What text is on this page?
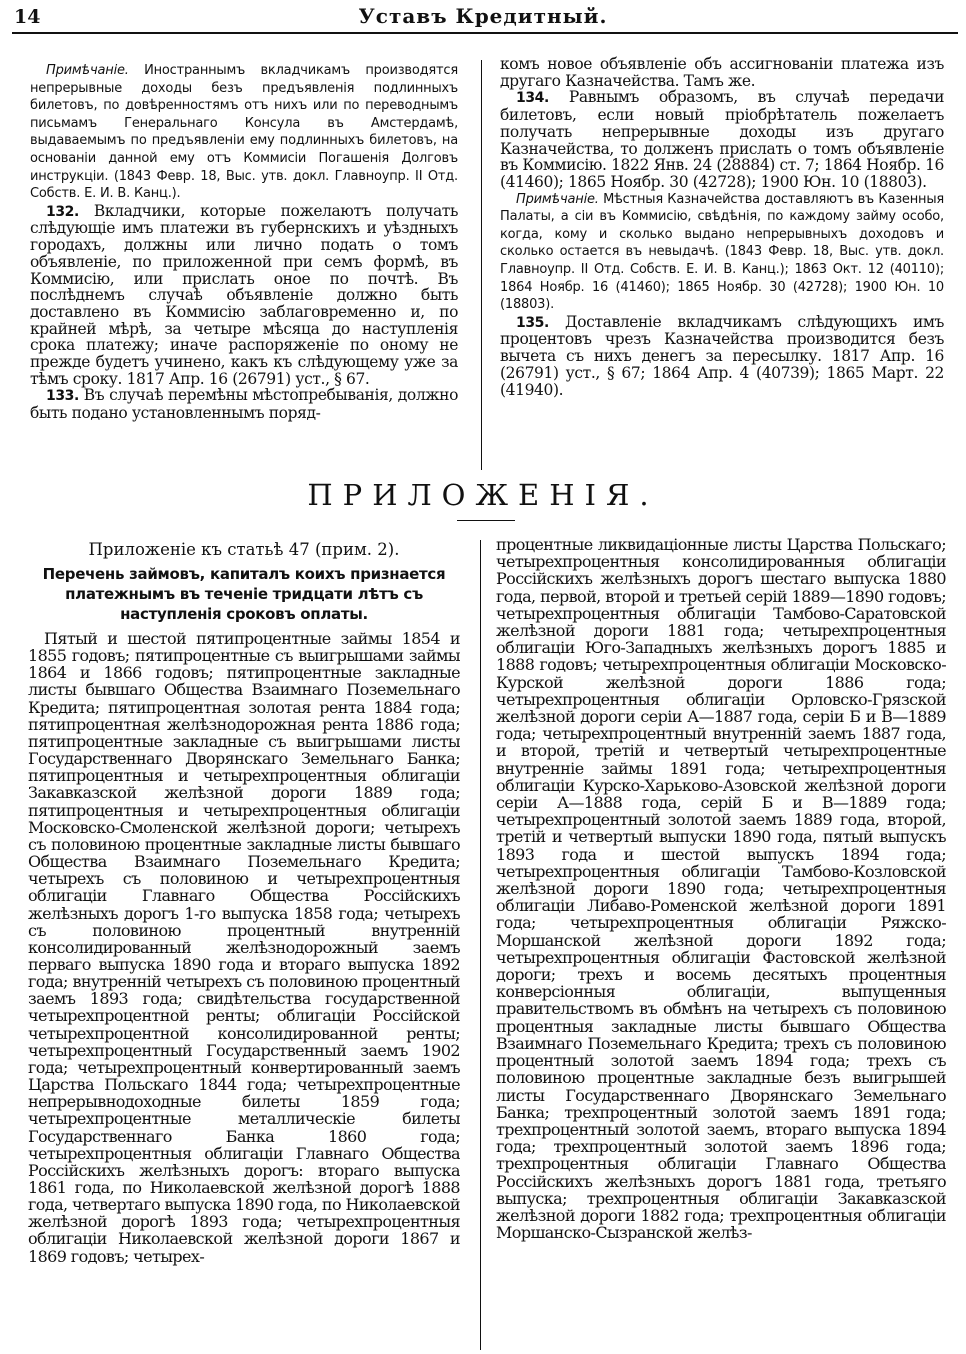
14	Уставъ Кредитный.

Примѣчаніе. Иностраннымъ вкладчикамъ производятся непрерывные доходы безъ предъявленія подлинныхъ билетовъ, по довѣренностямъ отъ нихъ или по переводнымъ письмамъ Генеральнаго Консула въ Амстердамѣ, выдаваемымъ по предъявленіи ему подлинныхъ билетовъ, на основаніи данной ему отъ Коммисіи Погашенія Долговъ инструкціи. (1843 Февр. 18, Выс. утв. докл. Главноупр. II Отд. Собств. Е. И. В. Канц.).

132. Вкладчики, которые пожелаютъ получать слѣдующіе имъ платежи въ губернскихъ и уѣздныхъ городахъ, должны или лично подать о томъ объявленіе, по приложенной при семъ формѣ, въ Коммисію, или прислать оное по почтѣ. Въ послѣднемъ случаѣ объявленіе должно быть доставлено въ Коммисію заблаговременно и, по крайней мѣрѣ, за четыре мѣсяца до наступленія срока платежу; иначе распоряженіе по оному не прежде будетъ учинено, какъ къ слѣдующему уже за тѣмъ сроку. 1817 Апр. 16 (26791) уст., § 67.

133. Въ случаѣ перемѣны мѣстопребыванія, должно быть подано установленнымъ поряд-

комъ новое объявленіе объ ассигнованіи платежа изъ другаго Казначейства. Тамъ же.

134. Равнымъ образомъ, въ случаѣ передачи билетовъ, если новый пріобрѣтатель пожелаетъ получать непрерывные доходы изъ другаго Казначейства, то долженъ прислать о томъ объявленіе въ Коммисію. 1822 Янв. 24 (28884) ст. 7; 1864 Ноябр. 16 (41460); 1865 Ноябр. 30 (42728); 1900 Юн. 10 (18803).

Примѣчаніе. Мѣстныя Казначейства доставляютъ въ Казенныя Палаты, а сіи въ Коммисію, свѣдѣнія, по каждому займу особо, когда, кому и сколько выдано непрерывныхъ доходовъ и сколько остается въ невыдачѣ. (1843 Февр. 18, Выс. утв. докл. Главноупр. II Отд. Собств. Е. И. В. Канц.); 1863 Окт. 12 (40110); 1864 Ноябр. 16 (41460); 1865 Ноябр. 30 (42728); 1900 Юн. 10 (18803).

135. Доставленіе вкладчикамъ слѣдующихъ имъ процентовъ чрезъ Казначейства производится безъ вычета съ нихъ денегъ за пересылку. 1817 Апр. 16 (26791) уст., § 67; 1864 Апр. 4 (40739); 1865 Март. 22 (41940).

ПРИЛОЖЕНІЯ.
Приложеніе къ статьѣ 47 (прим. 2).
Перечень займовъ, капиталъ коихъ признается платежнымъ въ теченіе тридцати лѣтъ съ наступленія сроковъ оплаты.

Пятый и шестой пятипроцентные займы 1854 и 1855 годовъ; пятипроцентные съ выигрышами займы 1864 и 1866 годовъ; пятипроцентные закладные листы бывшаго Общества Взаимнаго Поземельнаго Кредита; пятипроцентная золотая рента 1884 года; пятипроцентная желѣзнодорожная рента 1886 года; пятипроцентные закладные съ выигрышами листы Государственнаго Дворянскаго Земельнаго Банка; пятипроцентныя и четырехпроцентныя облигаціи Закавказской желѣзной дороги 1889 года; пятипроцентныя и четырехпроцентныя облигаціи Московско-Смоленской желѣзной дороги; четырехъ съ половиною процентные закладные листы бывшаго Общества Взаимнаго Поземельнаго Кредита; четырехъ съ половиною и четырехпроцентныя облигаціи Главнаго Общества Россійскихъ желѣзныхъ дорогъ 1-го выпуска 1858 года; четырехъ съ половиною процентный внутренній консолидированный желѣзнодорожный заемъ перваго выпуска 1890 года и втораго выпуска 1892 года; внутренній четырехъ съ половиною процентный заемъ 1893 года; свидѣтельства государственной четырехпроцентной ренты; облигаціи Россійской четырехпроцентной консолидированной ренты; четырехпроцентный Государственный заемъ 1902 года; четырехпроцентный конвертированный заемъ Царства Польскаго 1844 года; четырехпроцентные непрерывнодоходные билеты 1859 года; четырехпроцентные металлическіе билеты Государственнаго Банка 1860 года; четырехпроцентныя облигаціи Главнаго Общества Россійскихъ желѣзныхъ дорогъ: втораго выпуска 1861 года, по Николаевской желѣзной дорогѣ 1888 года, четвертаго выпуска 1890 года, по Николаевской желѣзной дорогѣ 1893 года; четырехпроцентныя облигаціи Николаевской желѣзной дороги 1867 и 1869 годовъ; четырех-

процентные ликвидаціонные листы Царства Польскаго; четырехпроцентныя консолидированныя облигаціи Россійскихъ желѣзныхъ дорогъ шестаго выпуска 1880 года, первой, второй и третьей серій 1889—1890 годовъ; четырехпроцентныя облигаціи Тамбово-Саратовской желѣзной дороги 1881 года; четырехпроцентныя облигаціи Юго-Западныхъ желѣзныхъ дорогъ 1885 и 1888 годовъ; четырехпроцентныя облигаціи Московско-Курской желѣзной дороги 1886 года; четырехпроцентныя облигаціи Орловско-Грязской желѣзной дороги серіи А—1887 года, серіи Б и В—1889 года; четырехпроцентный внутренній заемъ 1887 года, и второй, третій и четвертый четырехпроцентные внутренніе займы 1891 года; четырехпроцентныя облигаціи Курско-Харьково-Азовской желѣзной дороги серіи А—1888 года, серій Б и В—1889 года; четырехпроцентный золотой заемъ 1889 года, второй, третій и четвертый выпуски 1890 года, пятый выпускъ 1893 года и шестой выпускъ 1894 года; четырехпроцентныя облигаціи Тамбово-Козловской желѣзной дороги 1890 года; четырехпроцентныя облигаціи Либаво-Роменской желѣзной дороги 1891 года; четырехпроцентныя облигаціи Ряжско-Моршанской желѣзной дороги 1892 года; четырехпроцентныя облигаціи Фастовской желѣзной дороги; трехъ и восемь десятыхъ процентныя конверсіонныя облигаціи, выпущенныя правительствомъ въ обмѣнъ на четырехъ съ половиною процентныя закладные листы бывшаго Общества Взаимнаго Поземельнаго Кредита; трехъ съ половиною процентный золотой заемъ 1894 года; трехъ съ половиною процентные закладные безъ выигрышей листы Государственнаго Дворянскаго Земельнаго Банка; трехпроцентный золотой заемъ 1891 года; трехпроцентный золотой заемъ, втораго выпуска 1894 года; трехпроцентный золотой заемъ 1896 года; трехпроцентныя облигаціи Главнаго Общества Россійскихъ желѣзныхъ дорогъ 1881 года, третьяго выпуска; трехпроцентныя облигаціи Закавказской желѣзной дороги 1882 года; трехпроцентныя облигаціи Моршанско-Сызранской желѣз-
